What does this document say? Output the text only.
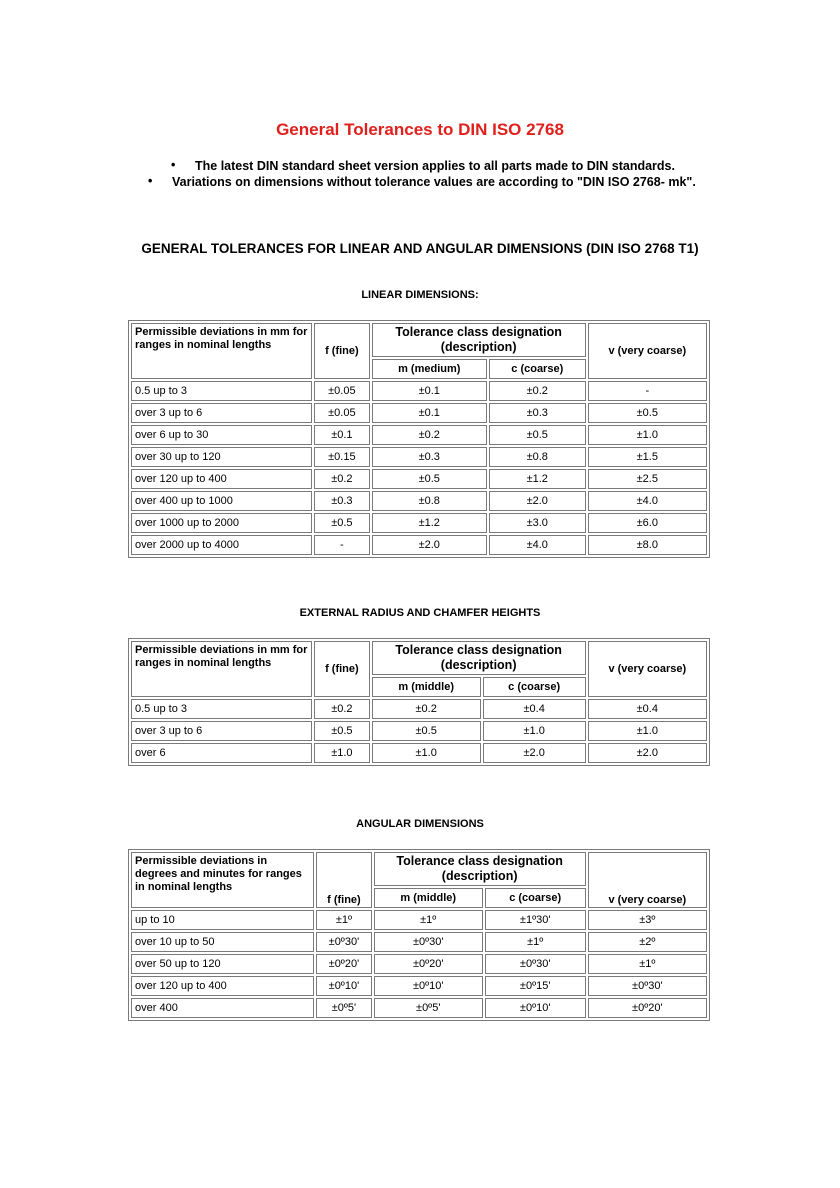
General Tolerances to DIN ISO 2768
• The latest DIN standard sheet version applies to all parts made to DIN standards.
• Variations on dimensions without tolerance values are according to "DIN ISO 2768- mk".
GENERAL TOLERANCES FOR LINEAR AND ANGULAR DIMENSIONS (DIN ISO 2768 T1)
LINEAR DIMENSIONS:
Permissible deviations in mm for ranges in nominal lengths	f (fine)	Tolerance class designation (description)		v (very coarse)
		m (medium)	c (coarse)	
0.5 up to 3	±0.05	±0.1	±0.2	-
over 3 up to 6	±0.05	±0.1	±0.3	±0.5
over 6 up to 30	±0.1	±0.2	±0.5	±1.0
over 30 up to 120	±0.15	±0.3	±0.8	±1.5
over 120 up to 400	±0.2	±0.5	±1.2	±2.5
over 400 up to 1000	±0.3	±0.8	±2.0	±4.0
over 1000 up to 2000	±0.5	±1.2	±3.0	±6.0
over 2000 up to 4000	-	±2.0	±4.0	±8.0
EXTERNAL RADIUS AND CHAMFER HEIGHTS
Permissible deviations in mm for ranges in nominal lengths	f (fine)	Tolerance class designation (description)		v (very coarse)
		m (middle)	c (coarse)	
0.5 up to 3	±0.2	±0.2	±0.4	±0.4
over 3 up to 6	±0.5	±0.5	±1.0	±1.0
over 6	±1.0	±1.0	±2.0	±2.0
ANGULAR DIMENSIONS
Permissible deviations in degrees and minutes for ranges in nominal lengths	f (fine)	Tolerance class designation (description)		v (very coarse)
		m (middle)	c (coarse)	
up to 10	±1º	±1º	±1º30'	±3º
over 10 up to 50	±0º30'	±0º30'	±1º	±2º
over 50 up to 120	±0º20'	±0º20'	±0º30'	±1º
over 120 up to 400	±0º10'	±0º10'	±0º15'	±0º30'
over 400	±0º5'	±0º5'	±0º10'	±0º20'
